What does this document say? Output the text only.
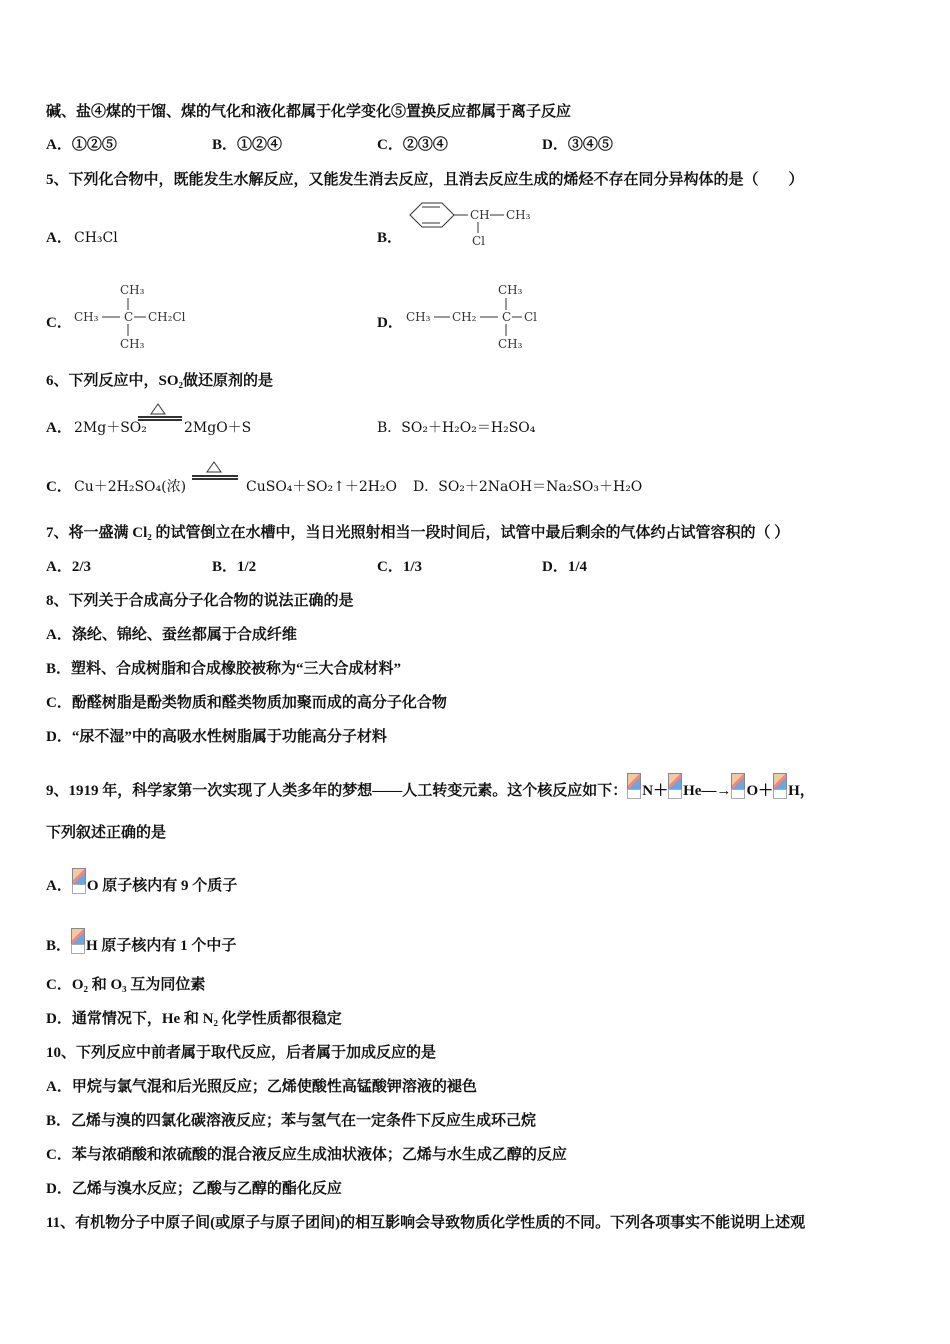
碱、盐④煤的干馏、煤的气化和液化都属于化学变化⑤置换反应都属于离子反应
A．①②⑤	B．①②④	C．②③④	D．③④⑤
5、下列化合物中，既能发生水解反应，又能发生消去反应，且消去反应生成的烯烃不存在同分异构体的是（　　）
A． CH₃Cl	B．
CH CH₃
Cl
C．
CH₃
CH₃ C CH₂Cl
CH₃
D．
CH₃
CH₃ CH₂ C Cl
CH₃
6、下列反应中，SO₂做还原剂的是
A． 2Mg＋SO₂	2MgO＋S	B．SO₂＋H₂O₂＝H₂SO₄
C． Cu＋2H₂SO₄(浓)	CuSO₄＋SO₂↑＋2H₂O D．SO₂＋2NaOH＝Na₂SO₃＋H₂O
7、将一盛满 Cl₂ 的试管倒立在水槽中，当日光照射相当一段时间后，试管中最后剩余的气体约占试管容积的（ ）
A．2/3	B．1/2	C．1/3	D．1/4
8、下列关于合成高分子化合物的说法正确的是
A．涤纶、锦纶、蚕丝都属于合成纤维
B．塑料、合成树脂和合成橡胶被称为“三大合成材料”
C．酚醛树脂是酚类物质和醛类物质加聚而成的高分子化合物
D．“尿不湿”中的高吸水性树脂属于功能高分子材料
9、1919 年，科学家第一次实现了人类多年的梦想——人工转变元素。这个核反应如下： N＋ He—→ O＋ H，
下列叙述正确的是
A． O 原子核内有 9 个质子
B． H 原子核内有 1 个中子
C．O₂ 和 O₃ 互为同位素
D．通常情况下，He 和 N₂ 化学性质都很稳定
10、下列反应中前者属于取代反应，后者属于加成反应的是
A．甲烷与氯气混和后光照反应；乙烯使酸性高锰酸钾溶液的褪色
B．乙烯与溴的四氯化碳溶液反应；苯与氢气在一定条件下反应生成环己烷
C．苯与浓硝酸和浓硫酸的混合液反应生成油状液体；乙烯与水生成乙醇的反应
D．乙烯与溴水反应；乙酸与乙醇的酯化反应
11、有机物分子中原子间(或原子与原子团间)的相互影响会导致物质化学性质的不同。下列各项事实不能说明上述观
